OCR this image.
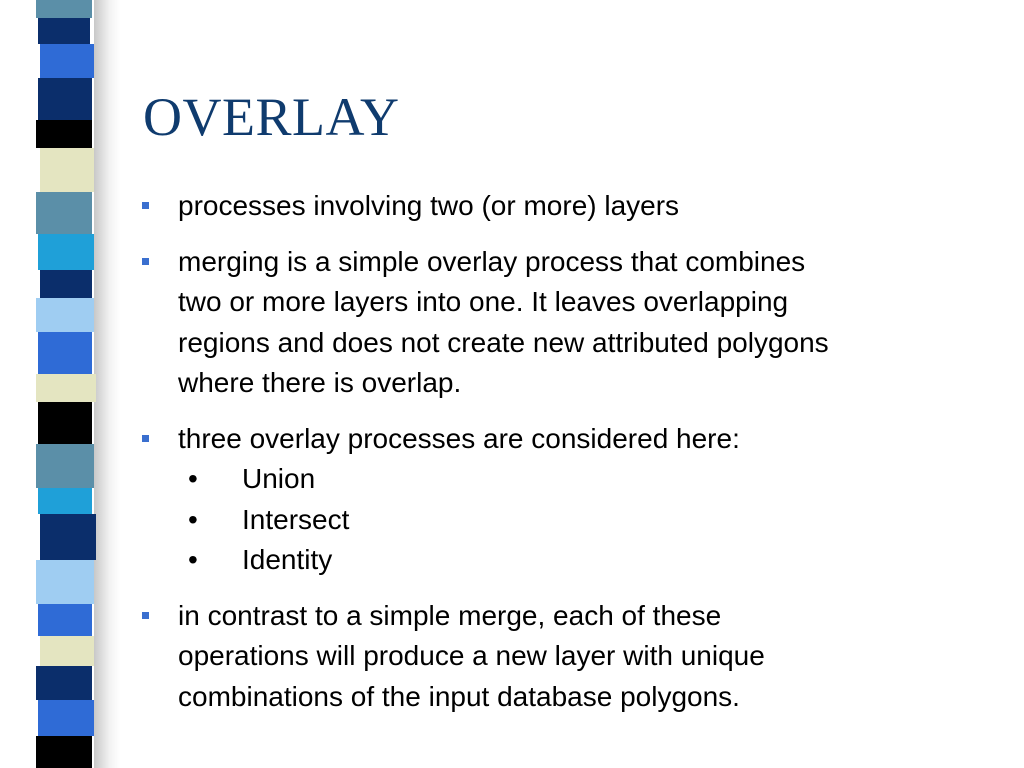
OVERLAY
processes involving two (or more) layers
merging is a simple overlay process that combines
two or more layers into one. It leaves overlapping
regions and does not create new attributed polygons
where there is overlap.
three overlay processes are considered here:
• Union
• Intersect
• Identity
in contrast to a simple merge, each of these
operations will produce a new layer with unique
combinations of the input database polygons.
